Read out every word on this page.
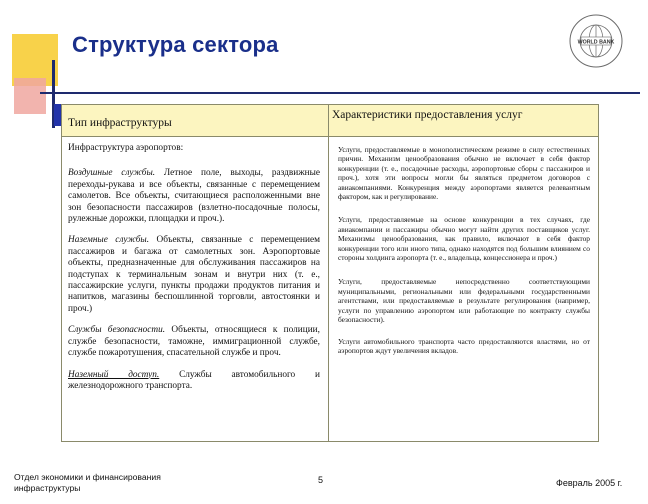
Структура сектора	WORLD BANK
Тип инфраструктуры
Характеристики предоставления услуг

Инфраструктура аэропортов:

Воздушные службы. Летное поле, выходы, раздвижные переходы-рукава и все объекты, связанные с перемещением самолетов. Все объекты, считающиеся расположенными вне зон безопасности пассажиров (взлетно-посадочные полосы, рулежные дорожки, площадки и проч.).

Наземные службы. Объекты, связанные с перемещением пассажиров и багажа от самолетных зон. Аэропортовые объекты, предназначенные для обслуживания пассажиров на подступах к терминальным зонам и внутри них (т. е., пассажирские услуги, пункты продажи продуктов питания и напитков, магазины беспошлинной торговли, автостоянки и проч.)

Службы безопасности. Объекты, относящиеся к полиции, службе безопасности, таможне, иммиграционной службе, службе пожаротушения, спасательной службе и проч.

Наземный доступ. Службы автомобильного и железнодорожного транспорта.

Услуги, предоставляемые в монополистическом режиме в силу естественных причин. Механизм ценообразования обычно не включает в себя фактор конкуренции (т. е., посадочные расходы, аэропортовые сборы с пассажиров и проч.), хотя эти вопросы могли бы являться предметом договоров с авиакомпаниями. Конкуренция между аэропортами является релевантным фактором, как и регулирование.

Услуги, предоставляемые на основе конкуренции в тех случаях, где авиакомпании и пассажиры обычно могут найти других поставщиков услуг. Механизмы ценообразования, как правило, включают в себя фактор конкуренции того или иного типа, однако находятся под большим влиянием со стороны холдинга аэропорта (т. е., владельца, концессионера и проч.)

Услуги, предоставляемые непосредственно соответствующими муниципальными, региональными или федеральными государственными агентствами, или предоставляемые в результате регулирования (например, услуги по управлению аэропортом или работающие по контракту службы безопасности).

Услуги автомобильного транспорта часто предоставляются властями, но от аэропортов ждут увеличения вкладов.

Отдел экономики и финансирования инфраструктуры
5	Февраль 2005 г.
